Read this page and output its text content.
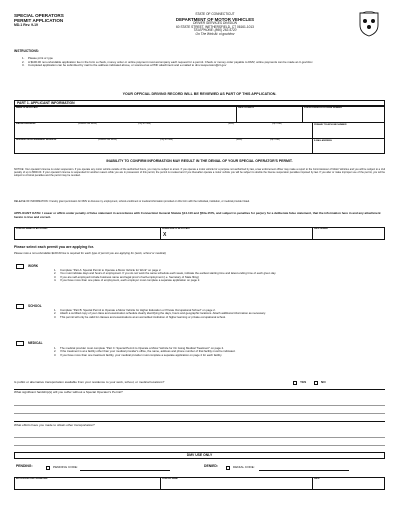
SPECIAL OPERATORS
PERMIT APPLICATION
MD-1 Rev. 9-19
STATE OF CONNECTICUT
DEPARTMENT OF MOTOR VEHICLES
DRIVER SERVICES DIVISION
60 STATE STREET, WETHERSFIELD, CT 06161-1013
TELEPHONE: (860) 263-5720
On The Web At: ct.gov/dmv
INSTRUCTIONS:
1. Please print or type
2. A $100.00 non-refundable application fee in the form a check, money order or online payment must accompany each request for a permit. Check or money order payable to DMV, online payments can be made at ct.gov/dmv
3. Completed application can be submitted by mail to the address indicated above, or scanned as a PDF attachment and e-mailed to dmv.suspension@ct.gov
YOUR OFFICIAL DRIVING RECORD WILL BE REVIEWED AS PART OF THIS APPLICATION.
PART 1. APPLICANT INFORMATION
NAME OF APPLICANT	DATE OF BIRTH	STATE/OPERATOR LICENSE NUMBER
MAILING ADDRESS	(Number and Street)	(City or Town)	(State)	(Zip Code)	PRIMARY TELEPHONE NUMBER
RESIDENT/NON-PERMANENT ADDRESS	(Number and Street)	(City or Town)	(State)	(Zip Code)	E-MAIL ADDRESS
INABILITY TO CONFIRM INFORMATION MAY RESULT IN THE DENIAL OF YOUR SPECIAL OPERATOR'S PERMIT.
NOTICE: Your operator's license is under suspension. If you operate any motor vehicle outside of the authorized hours, you may be subject to arrest. If you operate a motor vehicle for a purpose not authorized by law, a law enforcement officer may make a report to the Commissioner of Motor Vehicles and you will be subject to a civil penalty of up to $500.00. If your operator's license is suspended for another reason while you are in possession of this permit, the permit is revoked and if you thereafter operate a motor vehicle you will be subject to double the license suspension penalties imposed by law. If you alter or make improper use of the permit, you will be subject to criminal penalties and the permit may be revoked.
RELEASE OF INFORMATION: I hereby grant permission for DMV to discuss my employment, school enrollment or medical information provided on this form with the individual, institution, or medical provider listed.
APPLICANT OATH: I swear or affirm under penalty of false statement in accordance with Connecticut General Statute §14-110 and §53a-157b, and subject to penalties for perjury for a deliberate false statement, that the information here in and any attachment hereto is true and correct.
PRINTED NAME OF APPLICANT	SIGNATURE OF APPLICANT
X
DATE SIGNED
Please select each permit you are applying for.
Please note a non-refundable $100.00 fee is required for each type of permit you are applying for (work, school or medical)
WORK
1. Complete "Part A: Special Permit to Operate a Motor Vehicle for Work" on page 2.
2. You must indicate days and hours of employment. If you do not work the same schedule each week, indicate the earliest starting time and latest ending time of each given day.
3. If you are self-employed include business name and legal proof of self-employment (i.e. Secretary of State filing)
4. If you have more than one place of employment, each employer must complete a separate application on page 2.
SCHOOL
1. Complete "Part B: Special Permit to Operate a Motor Vehicle for Higher Education or Private Occupational School" on page 2.
2. Attach a certified copy of your class and examination schedule clearly identifying the days, hours and geographic locations. Attach additional information as necessary.
3. This permit will only be valid for classes and examinations at an accredited institution of higher learning or private occupational school.
MEDICAL
1. The medical provider must complete "Part C: Special Permit to Operate a Motor Vehicle for On Going Medical Treatment" on page 2.
2. If the treatment is at a facility other than your medical provider's office, the name, address and phone number of that facility must be indicated.
3. If you have more than one treatment facility, your medical provider must complete a separate application on page 2 for each facility.
Is public or alternative transportation available from your residence to your work, school, or medical locations?	YES	NO
What significant hardship(s) will you suffer without a Special Operator's Permit?
What efforts have you made to obtain other transportation?
DMV USE ONLY
PENDING:	PENDING CODE:	DENIED:	DENIAL CODE:
AUTHORIZED DMV SIGNATURE	PRINTED NAME	DATE
